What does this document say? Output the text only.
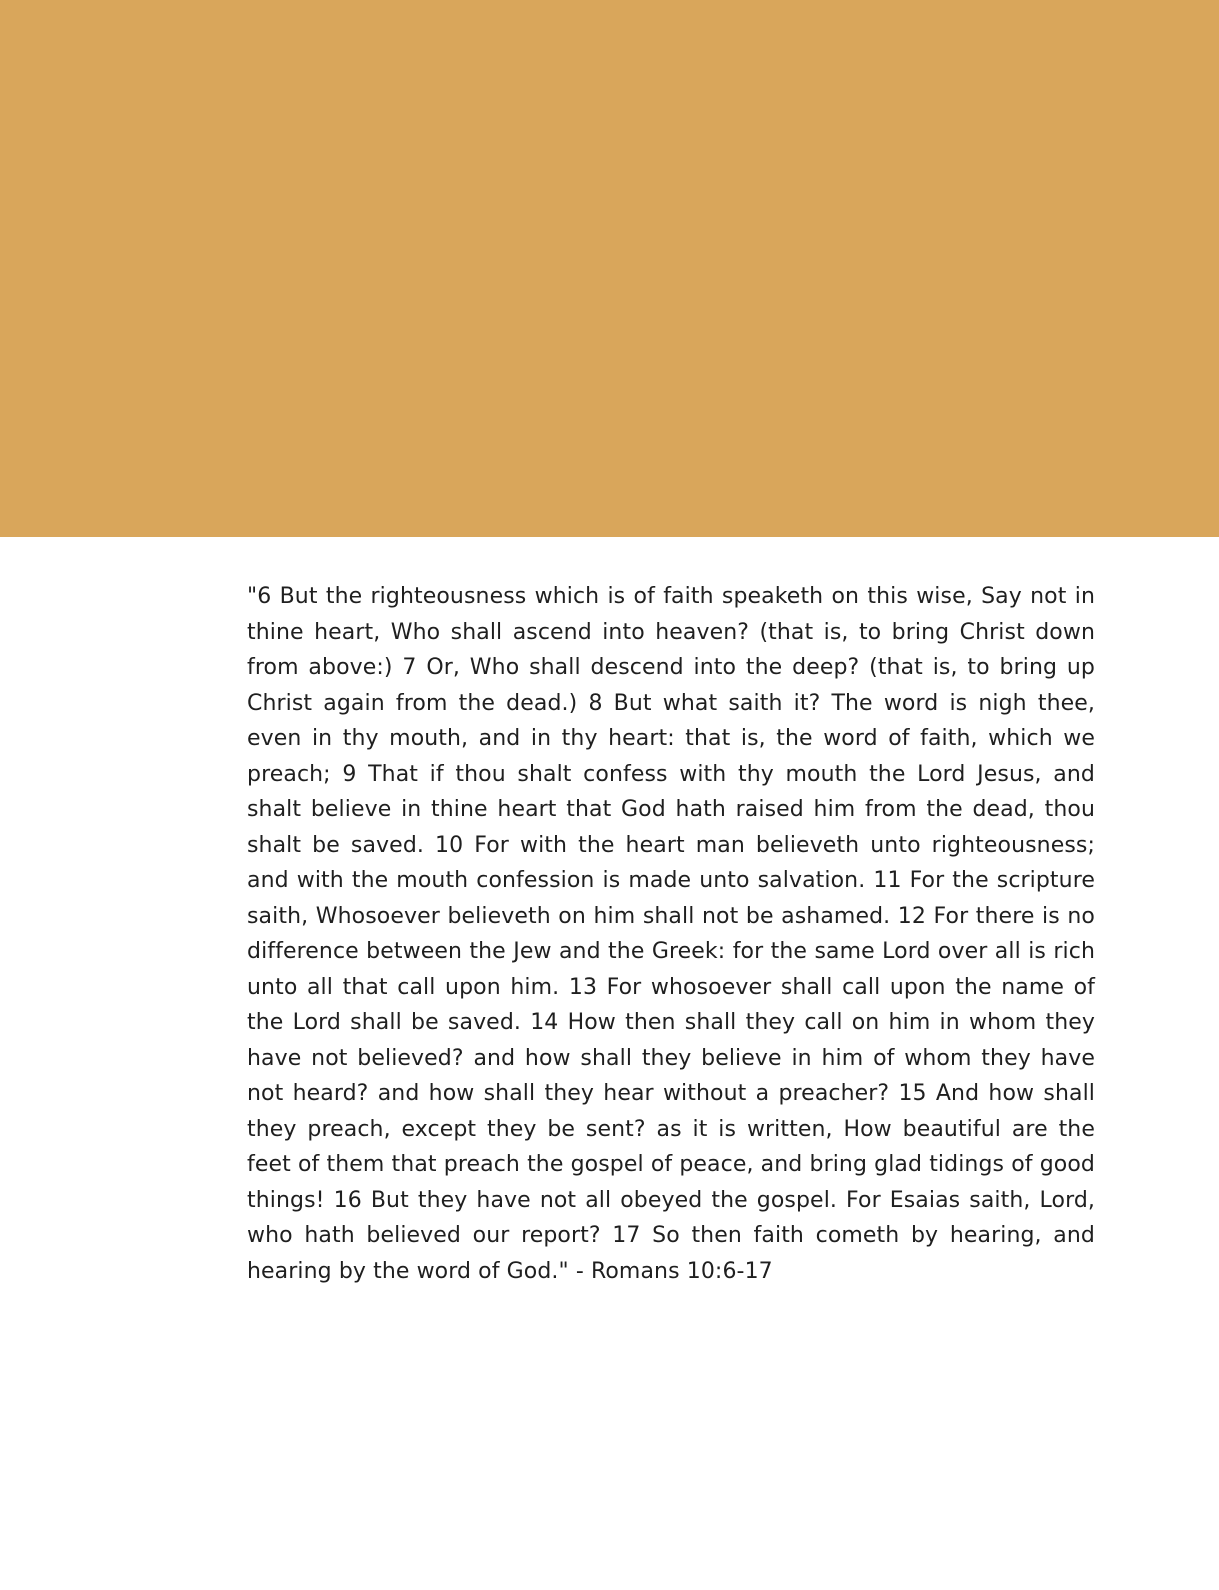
"6 But the righteousness which is of faith speaketh on this wise, Say not in thine heart, Who shall ascend into heaven? (that is, to bring Christ down from above:) 7 Or, Who shall descend into the deep? (that is, to bring up Christ again from the dead.) 8 But what saith it? The word is nigh thee, even in thy mouth, and in thy heart: that is, the word of faith, which we preach; 9 That if thou shalt confess with thy mouth the Lord Jesus, and shalt believe in thine heart that God hath raised him from the dead, thou shalt be saved. 10 For with the heart man believeth unto righteousness; and with the mouth confession is made unto salvation. 11 For the scripture saith, Whosoever believeth on him shall not be ashamed. 12 For there is no difference between the Jew and the Greek: for the same Lord over all is rich unto all that call upon him. 13 For whosoever shall call upon the name of the Lord shall be saved. 14 How then shall they call on him in whom they have not believed? and how shall they believe in him of whom they have not heard? and how shall they hear without a preacher? 15 And how shall they preach, except they be sent? as it is written, How beautiful are the feet of them that preach the gospel of peace, and bring glad tidings of good things! 16 But they have not all obeyed the gospel. For Esaias saith, Lord, who hath believed our report? 17 So then faith cometh by hearing, and hearing by the word of God." - Romans 10:6-17
